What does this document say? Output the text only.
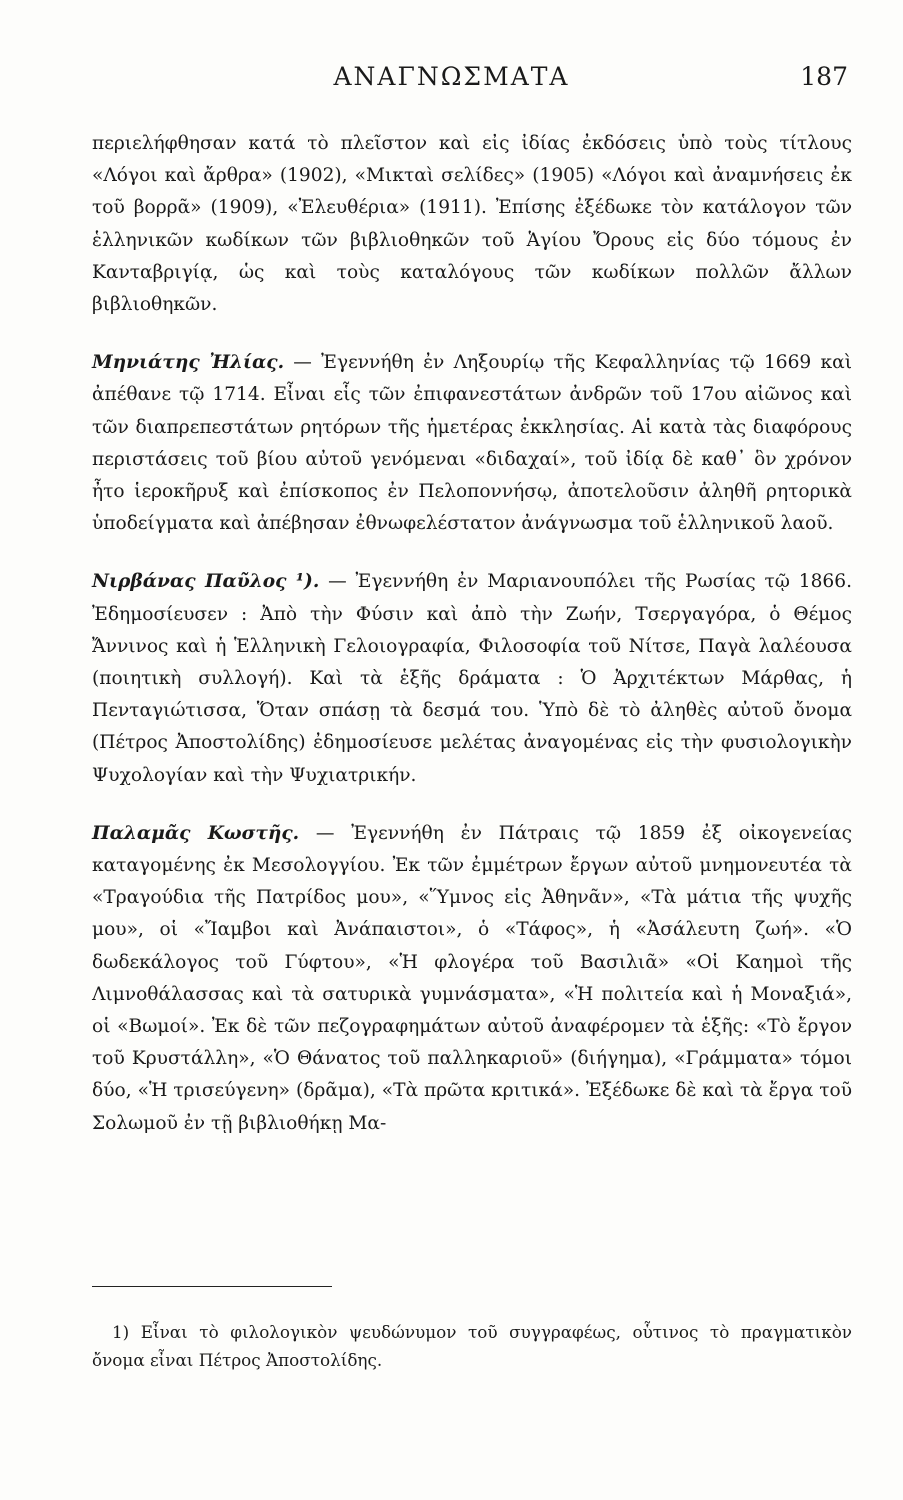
ΑΝΑΓΝΩΣΜΑΤΑ	187

περιελήφθησαν κατά τὸ πλεῖστον καὶ εἰς ἰδίας ἐκδόσεις ὑπὸ τοὺς τίτλους «Λόγοι καὶ ἄρθρα» (1902), «Μικταὶ σελίδες» (1905) «Λόγοι καὶ ἀναμνήσεις ἐκ τοῦ βορρᾶ» (1909), «Ἐλευθέρια» (1911). Ἐπίσης ἐξέδωκε τὸν κατάλογον τῶν ἑλληνικῶν κωδίκων τῶν βιβλιοθηκῶν τοῦ Ἁγίου Ὄρους εἰς δύο τόμους ἐν Κανταβριγίᾳ, ὡς καὶ τοὺς καταλόγους τῶν κωδίκων πολλῶν ἄλλων βιβλιοθηκῶν.

Μηνιάτης Ἠλίας. — Ἐγεννήθη ἐν Ληξουρίῳ τῆς Κεφαλληνίας τῷ 1669 καὶ ἀπέθανε τῷ 1714. Εἶναι εἷς τῶν ἐπιφανεστάτων ἀνδρῶν τοῦ 17ου αἰῶνος καὶ τῶν διαπρεπεστάτων ρητόρων τῆς ἡμετέρας ἐκκλησίας. Αἱ κατὰ τὰς διαφόρους περιστάσεις τοῦ βίου αὐτοῦ γενόμεναι «διδαχαί», τοῦ ἰδίᾳ δὲ καθ᾽ ὃν χρόνον ἦτο ἱεροκῆρυξ καὶ ἐπίσκοπος ἐν Πελοποννήσῳ, ἀποτελοῦσιν ἀληθῆ ρητορικὰ ὑποδείγματα καὶ ἀπέβησαν ἐθνωφελέστατον ἀνάγνωσμα τοῦ ἑλληνικοῦ λαοῦ.

Νιρβάνας Παῦλος ¹). — Ἐγεννήθη ἐν Μαριανουπόλει τῆς Ρωσίας τῷ 1866. Ἐδημοσίευσεν : Ἀπὸ τὴν Φύσιν καὶ ἀπὸ τὴν Ζωήν, Τσεργαγόρα, ὁ Θέμος Ἄννινος καὶ ἡ Ἑλληνικὴ Γελοιογραφία, Φιλοσοφία τοῦ Νίτσε, Παγὰ λαλέουσα (ποιητικὴ συλλογή). Καὶ τὰ ἑξῆς δράματα : Ὁ Ἀρχιτέκτων Μάρθας, ἡ Πενταγιώτισσα, Ὅταν σπάσῃ τὰ δεσμά του. Ὑπὸ δὲ τὸ ἀληθὲς αὐτοῦ ὄνομα (Πέτρος Ἀποστολίδης) ἐδημοσίευσε μελέτας ἀναγομένας εἰς τὴν φυσιολογικὴν Ψυχολογίαν καὶ τὴν Ψυχιατρικήν.

Παλαμᾶς Κωστῆς. — Ἐγεννήθη ἐν Πάτραις τῷ 1859 ἐξ οἰκογενείας καταγομένης ἐκ Μεσολογγίου. Ἐκ τῶν ἐμμέτρων ἔργων αὐτοῦ μνημονευτέα τὰ «Τραγούδια τῆς Πατρίδος μου», «Ὕμνος εἰς Ἀθηνᾶν», «Τὰ μάτια τῆς ψυχῆς μου», οἱ «Ἴαμβοι καὶ Ἀνάπαιστοι», ὁ «Τάφος», ἡ «Ἀσάλευτη ζωή». «Ὁ δωδεκάλογος τοῦ Γύφτου», «Ἡ φλογέρα τοῦ Βασιλιᾶ» «Οἱ Καημοὶ τῆς Λιμνοθάλασσας καὶ τὰ σατυρικὰ γυμνάσματα», «Ἡ πολιτεία καὶ ἡ Μοναξιά», οἱ «Βωμοί». Ἐκ δὲ τῶν πεζογραφημάτων αὐτοῦ ἀναφέρομεν τὰ ἑξῆς: «Τὸ ἔργον τοῦ Κρυστάλλη», «Ὁ Θάνατος τοῦ παλληκαριοῦ» (διήγημα), «Γράμματα» τόμοι δύο, «Ἡ τρισεύγενη» (δρᾶμα), «Τὰ πρῶτα κριτικά». Ἐξέδωκε δὲ καὶ τὰ ἔργα τοῦ Σολωμοῦ ἐν τῇ βιβλιοθήκῃ Μα-

1) Εἶναι τὸ φιλολογικὸν ψευδώνυμον τοῦ συγγραφέως, οὗτινος τὸ πραγματικὸν ὄνομα εἶναι Πέτρος Ἀποστολίδης.
